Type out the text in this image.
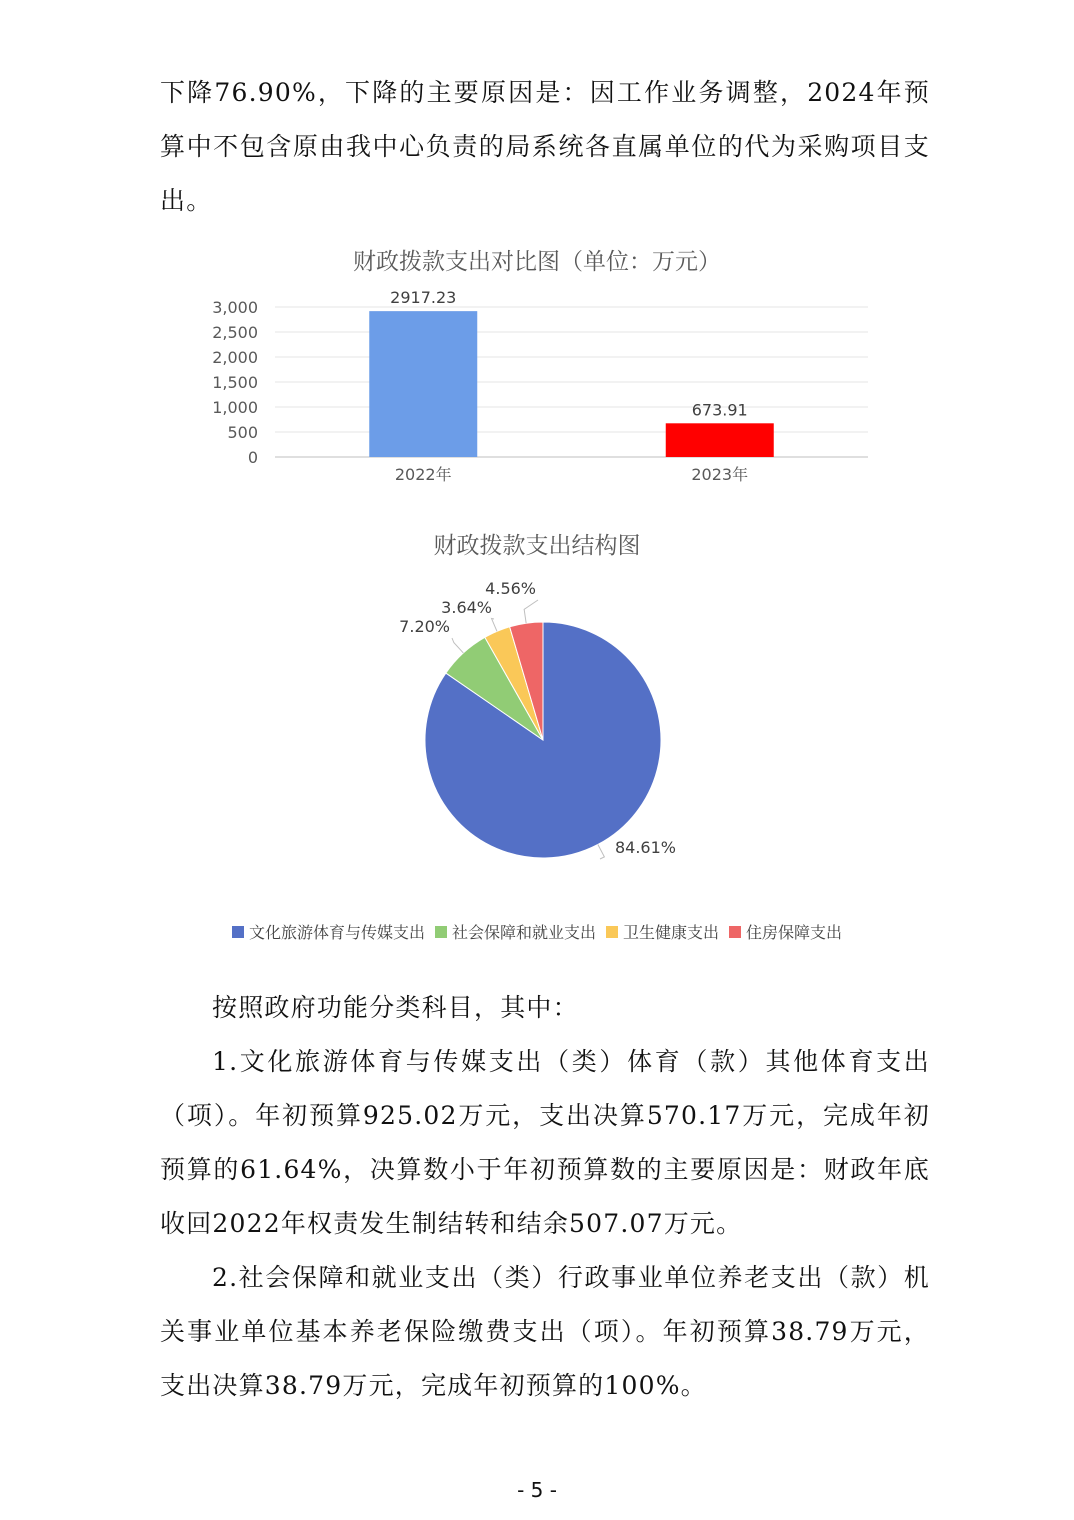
下降76.90%，下降的主要原因是：因工作业务调整，2024年预算中不包含原由我中心负责的局系统各直属单位的代为采购项目支出。

财政拨款支出对比图（单位：万元）
0
500
1,000
1,500
2,000
2,500
3,000
2917.23
673.91
2022年	2023年
财政拨款支出结构图
84.61%
7.20%
3.64%
4.56%
文化旅游体育与传媒支出 社会保障和就业支出 卫生健康支出 住房保障支出

按照政府功能分类科目，其中：

1.文化旅游体育与传媒支出（类）体育（款）其他体育支出（项）。年初预算925.02万元，支出决算570.17万元，完成年初预算的61.64%，决算数小于年初预算数的主要原因是：财政年底收回2022年权责发生制结转和结余507.07万元。

2.社会保障和就业支出（类）行政事业单位养老支出（款）机关事业单位基本养老保险缴费支出（项）。年初预算38.79万元，支出决算38.79万元，完成年初预算的100%。

- 5 -
